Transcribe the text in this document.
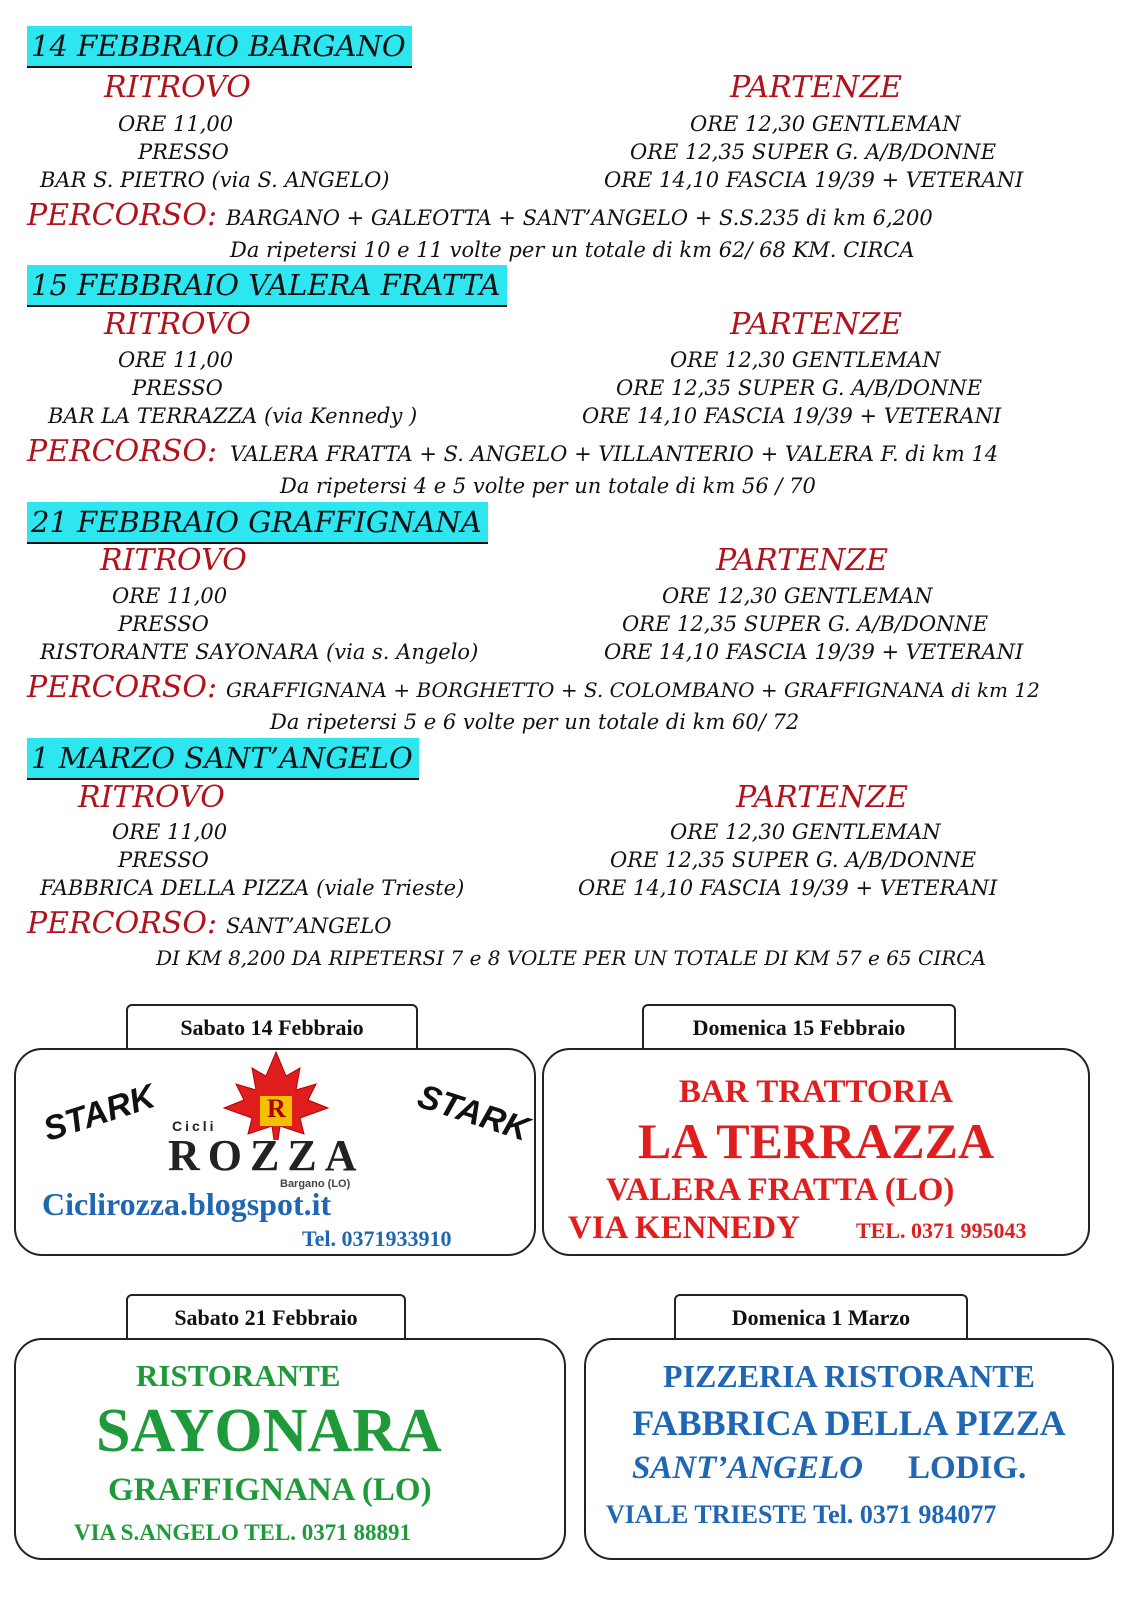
14 FEBBRAIO BARGANO
RITROVO	PARTENZE
ORE 11,00
PRESSO
BAR S. PIETRO (via S. ANGELO)
ORE 12,30 GENTLEMAN
ORE 12,35 SUPER G. A/B/DONNE
ORE 14,10 FASCIA 19/39 + VETERANI
PERCORSO: BARGANO + GALEOTTA + SANT’ANGELO + S.S.235 di km 6,200
Da ripetersi 10 e 11 volte per un totale di km 62/ 68 KM. CIRCA
15 FEBBRAIO VALERA FRATTA
RITROVO	PARTENZE
ORE 11,00
PRESSO
BAR LA TERRAZZA (via Kennedy )
ORE 12,30 GENTLEMAN
ORE 12,35 SUPER G. A/B/DONNE
ORE 14,10 FASCIA 19/39 + VETERANI
PERCORSO: VALERA FRATTA + S. ANGELO + VILLANTERIO + VALERA F. di km 14
Da ripetersi 4 e 5 volte per un totale di km 56 / 70
21 FEBBRAIO GRAFFIGNANA
RITROVO	PARTENZE
ORE 11,00
PRESSO
RISTORANTE SAYONARA (via s. Angelo)
ORE 12,30 GENTLEMAN
ORE 12,35 SUPER G. A/B/DONNE
ORE 14,10 FASCIA 19/39 + VETERANI
PERCORSO: GRAFFIGNANA + BORGHETTO + S. COLOMBANO + GRAFFIGNANA di km 12
Da ripetersi 5 e 6 volte per un totale di km 60/ 72
1 MARZO SANT’ANGELO
RITROVO	PARTENZE
ORE 11,00
PRESSO
FABBRICA DELLA PIZZA (viale Trieste)
ORE 12,30 GENTLEMAN
ORE 12,35 SUPER G. A/B/DONNE
ORE 14,10 FASCIA 19/39 + VETERANI
PERCORSO: SANT’ANGELO
DI KM 8,200 DA RIPETERSI 7 e 8 VOLTE PER UN TOTALE DI KM 57 e 65 CIRCA
Sabato 14 Febbraio
STARK	STARK
R
Cicli
ROZZA
Bargano (LO)
Ciclirozza.blogspot.it
Tel. 0371933910
Domenica 15 Febbraio
BAR TRATTORIA
LA TERRAZZA
VALERA FRATTA (LO)
VIA KENNEDY	TEL. 0371 995043
Sabato 21 Febbraio
RISTORANTE
SAYONARA
GRAFFIGNANA (LO)
VIA S.ANGELO TEL. 0371 88891
Domenica 1 Marzo
PIZZERIA RISTORANTE
FABBRICA DELLA PIZZA
SANT’ANGELO LODIG.
VIALE TRIESTE Tel. 0371 984077
